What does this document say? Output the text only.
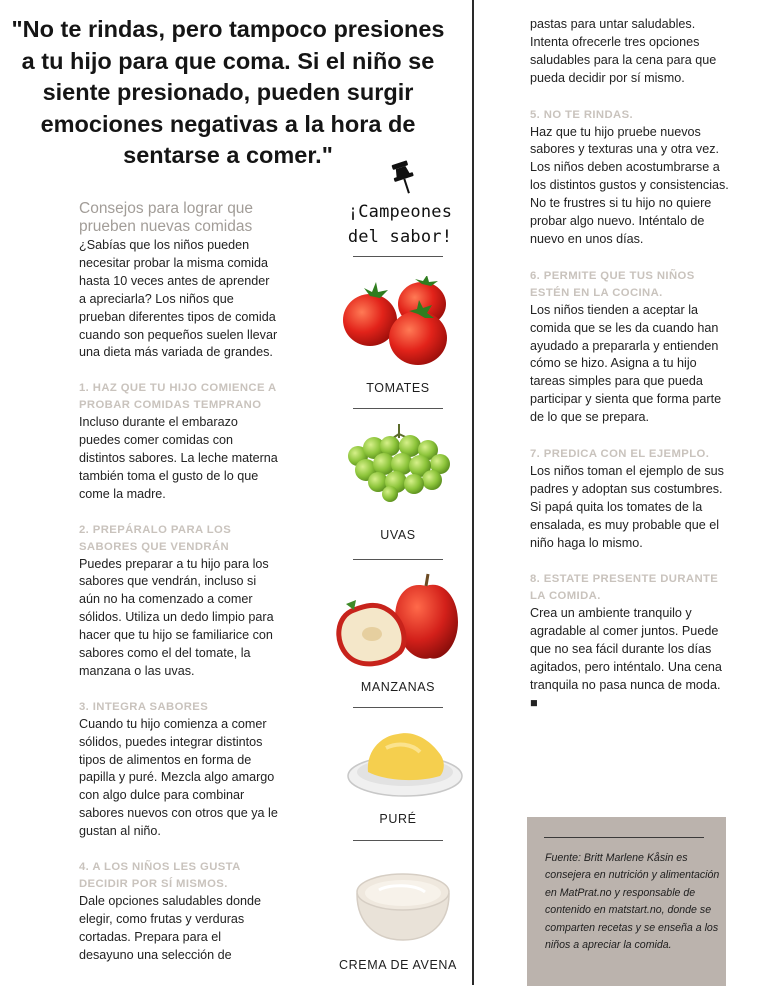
"No te rindas, pero tampoco presiones a tu hijo para que coma. Si el niño se siente presionado, pueden surgir emociones negativas a la hora de sentarse a comer."
Consejos para lograr que prueben nuevas comidas
¿Sabías que los niños pueden necesitar probar la misma comida hasta 10 veces antes de aprender a apreciarla? Los niños que prueban diferentes tipos de comida cuando son pequeños suelen llevar una dieta más variada de grandes.
1. HAZ QUE TU HIJO COMIENCE A PROBAR COMIDAS TEMPRANO
Incluso durante el embarazo puedes comer comidas con distintos sabores. La leche materna también toma el gusto de lo que come la madre.
2. PREPÁRALO PARA LOS SABORES QUE VENDRÁN
Puedes preparar a tu hijo para los sabores que vendrán, incluso si aún no ha comenzado a comer sólidos. Utiliza un dedo limpio para hacer que tu hijo se familiarice con sabores como el del tomate, la manzana o las uvas.
3. INTEGRA SABORES
Cuando tu hijo comienza a comer sólidos, puedes integrar distintos tipos de alimentos en forma de papilla y puré. Mezcla algo amargo con algo dulce para combinar sabores nuevos con otros que ya le gustan al niño.
4. A LOS NIÑOS LES GUSTA DECIDIR POR SÍ MISMOS.
Dale opciones saludables donde elegir, como frutas y verduras cortadas. Prepara para el desayuno una selección de
¡Campeones
del sabor!
TOMATES
UVAS
MANZANAS
PURÉ
CREMA DE AVENA
pastas para untar saludables. Intenta ofrecerle tres opciones saludables para la cena para que pueda decidir por sí mismo.
5. NO TE RINDAS.
Haz que tu hijo pruebe nuevos sabores y texturas una y otra vez. Los niños deben acostumbrarse a los distintos gustos y consistencias. No te frustres si tu hijo no quiere probar algo nuevo. Inténtalo de nuevo en unos días.
6. PERMITE QUE TUS NIÑOS ESTÉN EN LA COCINA.
Los niños tienden a aceptar la comida que se les da cuando han ayudado a prepararla y entienden cómo se hizo. Asigna a tu hijo tareas simples para que pueda participar y sienta que forma parte de lo que se prepara.
7. PREDICA CON EL EJEMPLO.
Los niños toman el ejemplo de sus padres y adoptan sus costumbres. Si papá quita los tomates de la ensalada, es muy probable que el niño haga lo mismo.
8. ESTATE PRESENTE DURANTE LA COMIDA.
Crea un ambiente tranquilo y agradable al comer juntos. Puede que no sea fácil durante los días agitados, pero inténtalo. Una cena tranquila no pasa nunca de moda. ■
Fuente: Britt Marlene Kåsin es consejera en nutrición y alimentación en MatPrat.no y responsable de contenido en matstart.no, donde se comparten recetas y se enseña a los niños a apreciar la comida.
